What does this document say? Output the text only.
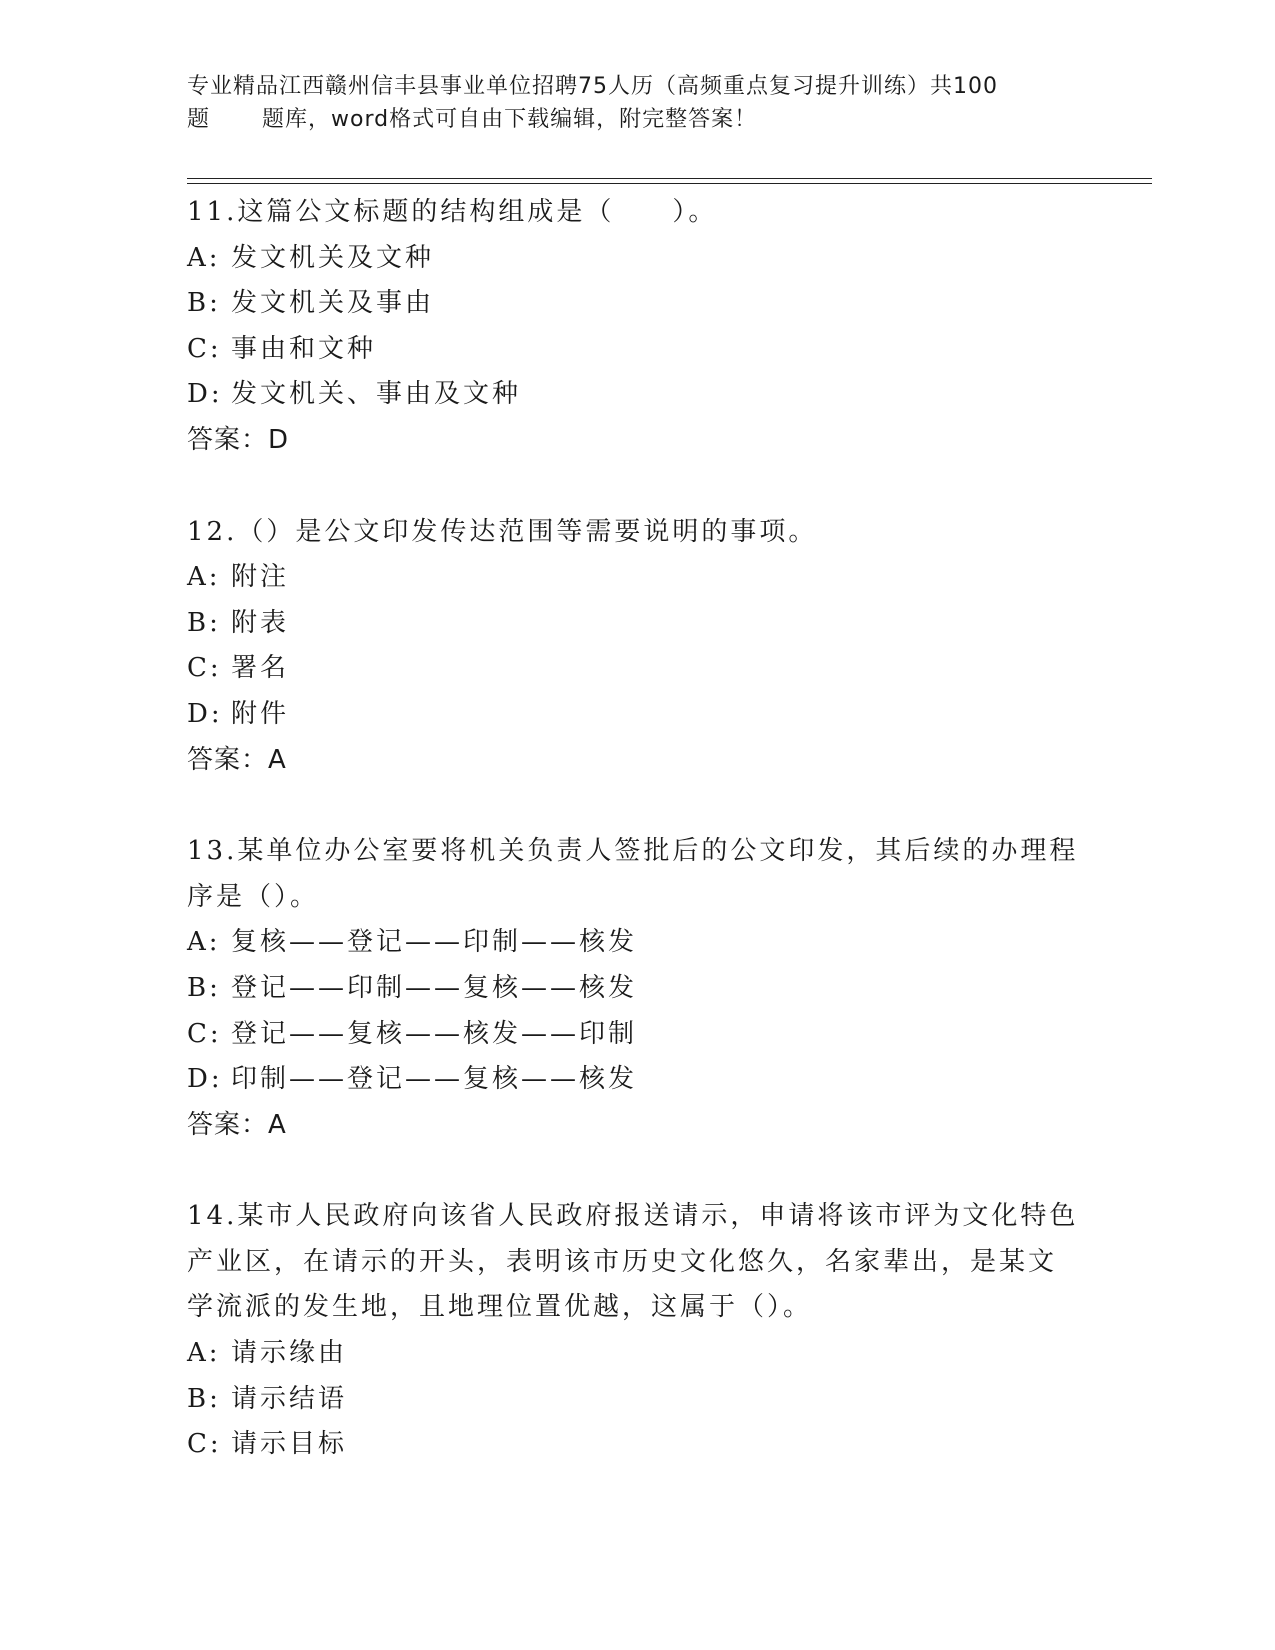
专业精品江西赣州信丰县事业单位招聘75人历（高频重点复习提升训练）共100
题 题库，word格式可自由下载编辑，附完整答案！
11.这篇公文标题的结构组成是（　　）。
A: 发文机关及文种
B: 发文机关及事由
C: 事由和文种
D: 发文机关、事由及文种
答案：D
12.（）是公文印发传达范围等需要说明的事项。
A: 附注
B: 附表
C: 署名
D: 附件
答案：A
13.某单位办公室要将机关负责人签批后的公文印发，其后续的办理程
序是（）。
A: 复核——登记——印制——核发
B: 登记——印制——复核——核发
C: 登记——复核——核发——印制
D: 印制——登记——复核——核发
答案：A
14.某市人民政府向该省人民政府报送请示，申请将该市评为文化特色
产业区，在请示的开头，表明该市历史文化悠久，名家辈出，是某文
学流派的发生地，且地理位置优越，这属于（）。
A: 请示缘由
B: 请示结语
C: 请示目标
